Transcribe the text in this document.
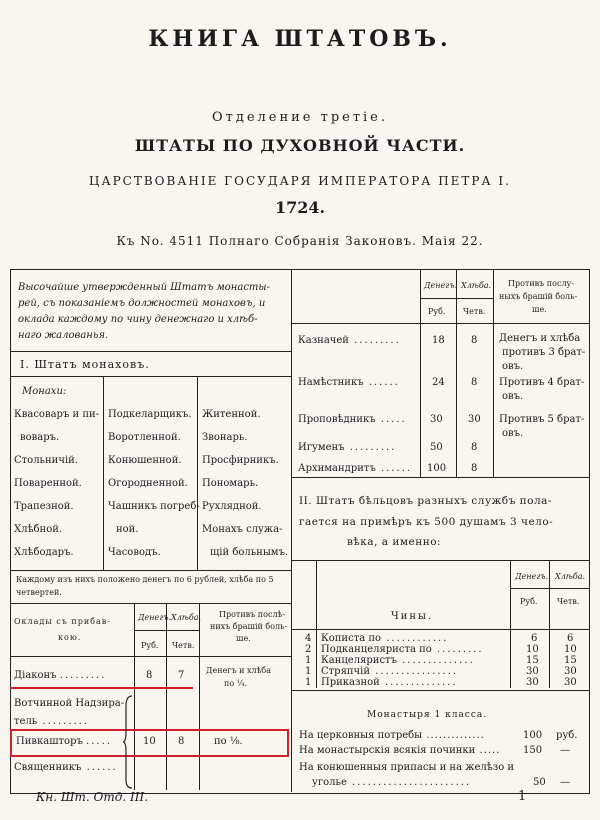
КНИГА ШТАТОВЪ.
Отделение третiе.
ШТАТЫ ПО ДУХОВНОЙ ЧАСТИ.
ЦАРСТВОВАНIЕ ГОСУДАРЯ ИМПЕРАТОРА ПЕТРА I.
1724.
Къ No. 4511 Полнаго Собранiя Законовъ. Маiя 22.
Высочайше утвержденный Штатъ монасты-
рей, съ показанiемъ должностей монаховъ, и
оклада каждому по чину денежнаго и хлѣб-
наго жалованья.
I. Штатъ монаховъ.
Монахи:
Квасоваръ и пи-
воваръ.
Стольничiй.
Поваренной.
Трапезной.
Хлѣбной.
Хлѣбодаръ.
Подкеларщикъ.
Воротленной.
Конюшенной.
Огородненной.
Чашникъ погреб-
ной.
Часоводъ.
Житенной.
Звонарь.
Просфирникъ.
Пономарь.
Рухлядной.
Монахъ служа-
щiй больнымъ.
Каждому изъ нихъ положено денегъ по 6 рублей, хлѣба по 5
четвертей.
Оклады съ прибав-
кою.
Денегъ. Хлѣба.
Руб. Четв.
Противъ послѣ-
нихъ брашiй боль-
ше.
Дiаконъ .........	8	7	Денегъ и хлѣба
по ¼.
Вотчинной Надзира-
тель .........
Пивкашторъ .....	10 8	по ⅛.
Священникъ ......
Денегъ. Хлѣба.
Руб. Четв.
Противъ послу-
ныхъ брашiй боль-
ше.
Казначей .........	18	8 Денегъ и хлѣба
противъ 3 брат-
овъ.
Намѣстникъ ......	24	8 Противъ 4 брат-
овъ.
Проповѣдникъ ..... 30	30 Противъ 5 брат-
овъ.
Игуменъ .........	50	8
Архимандритъ ...... 100 8
II. Штатъ бѣльцовъ разныхъ службъ пола-
гается на примѣръ къ 500 душамъ 3 чело-
вѣка, а именно:
Денегъ. Хлѣба.
Руб. Четв.
Чины.
4 Кописта по ............	6	6
2 Подканцеляриста по .........	10	10
1 Канцеляристъ ..............	15	15
1 Стряпчiй ................	30	30
1 Приказной ..............	30	30
Монастыря 1 класса.
На церковныя потребы ..............	100 руб.
На монастырскiя всякiя починки ..... 150 —
На конюшенныя припасы и на желѣзо и
уголье .......................	50 —
Кн. Шт. Отд. III.	1
